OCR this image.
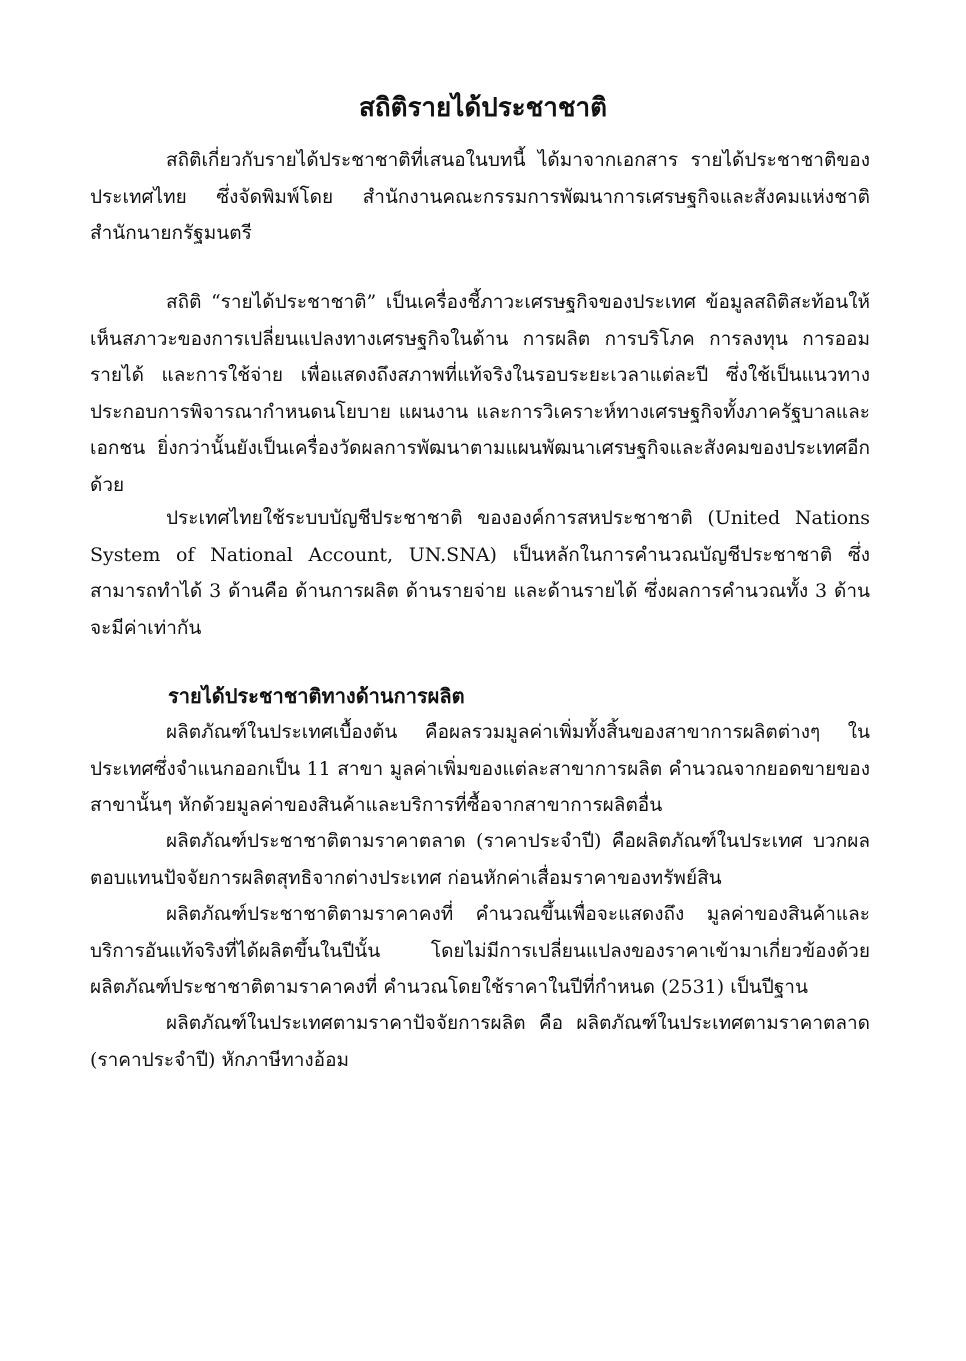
สถิติรายได้ประชาชาติ

สถิติเกี่ยวกับรายได้ประชาชาติที่เสนอในบทนี้ ได้มาจากเอกสาร รายได้ประชาชาติของประเทศไทย ซึ่งจัดพิมพ์โดย สำนักงานคณะกรรมการพัฒนาการเศรษฐกิจและสังคมแห่งชาติ สำนักนายกรัฐมนตรี

สถิติ “รายได้ประชาชาติ” เป็นเครื่องชี้ภาวะเศรษฐกิจของประเทศ ข้อมูลสถิติสะท้อนให้เห็นสภาวะของการเปลี่ยนแปลงทางเศรษฐกิจในด้าน การผลิต การบริโภค การลงทุน การออม รายได้ และการใช้จ่าย เพื่อแสดงถึงสภาพที่แท้จริงในรอบระยะเวลาแต่ละปี ซึ่งใช้เป็นแนวทางประกอบการพิจารณากำหนดนโยบาย แผนงาน และการวิเคราะห์ทางเศรษฐกิจทั้งภาครัฐบาลและเอกชน ยิ่งกว่านั้นยังเป็นเครื่องวัดผลการพัฒนาตามแผนพัฒนาเศรษฐกิจและสังคมของประเทศอีกด้วย

ประเทศไทยใช้ระบบบัญชีประชาชาติ ขององค์การสหประชาชาติ (United Nations System of National Account, UN.SNA) เป็นหลักในการคำนวณบัญชีประชาชาติ ซึ่งสามารถทำได้ 3 ด้านคือ ด้านการผลิต ด้านรายจ่าย และด้านรายได้ ซึ่งผลการคำนวณทั้ง 3 ด้าน จะมีค่าเท่ากัน

รายได้ประชาชาติทางด้านการผลิต

ผลิตภัณฑ์ในประเทศเบื้องต้น คือผลรวมมูลค่าเพิ่มทั้งสิ้นของสาขาการผลิตต่างๆ ในประเทศซึ่งจำแนกออกเป็น 11 สาขา มูลค่าเพิ่มของแต่ละสาขาการผลิต คำนวณจากยอดขายของสาขานั้นๆ หักด้วยมูลค่าของสินค้าและบริการที่ซื้อจากสาขาการผลิตอื่น

ผลิตภัณฑ์ประชาชาติตามราคาตลาด (ราคาประจำปี) คือผลิตภัณฑ์ในประเทศ บวกผลตอบแทนปัจจัยการผลิตสุทธิจากต่างประเทศ ก่อนหักค่าเสื่อมราคาของทรัพย์สิน

ผลิตภัณฑ์ประชาชาติตามราคาคงที่ คำนวณขึ้นเพื่อจะแสดงถึง มูลค่าของสินค้าและบริการอันแท้จริงที่ได้ผลิตขึ้นในปีนั้น โดยไม่มีการเปลี่ยนแปลงของราคาเข้ามาเกี่ยวข้องด้วย ผลิตภัณฑ์ประชาชาติตามราคาคงที่ คำนวณโดยใช้ราคาในปีที่กำหนด (2531) เป็นปีฐาน

ผลิตภัณฑ์ในประเทศตามราคาปัจจัยการผลิต คือ ผลิตภัณฑ์ในประเทศตามราคาตลาด (ราคาประจำปี) หักภาษีทางอ้อม
